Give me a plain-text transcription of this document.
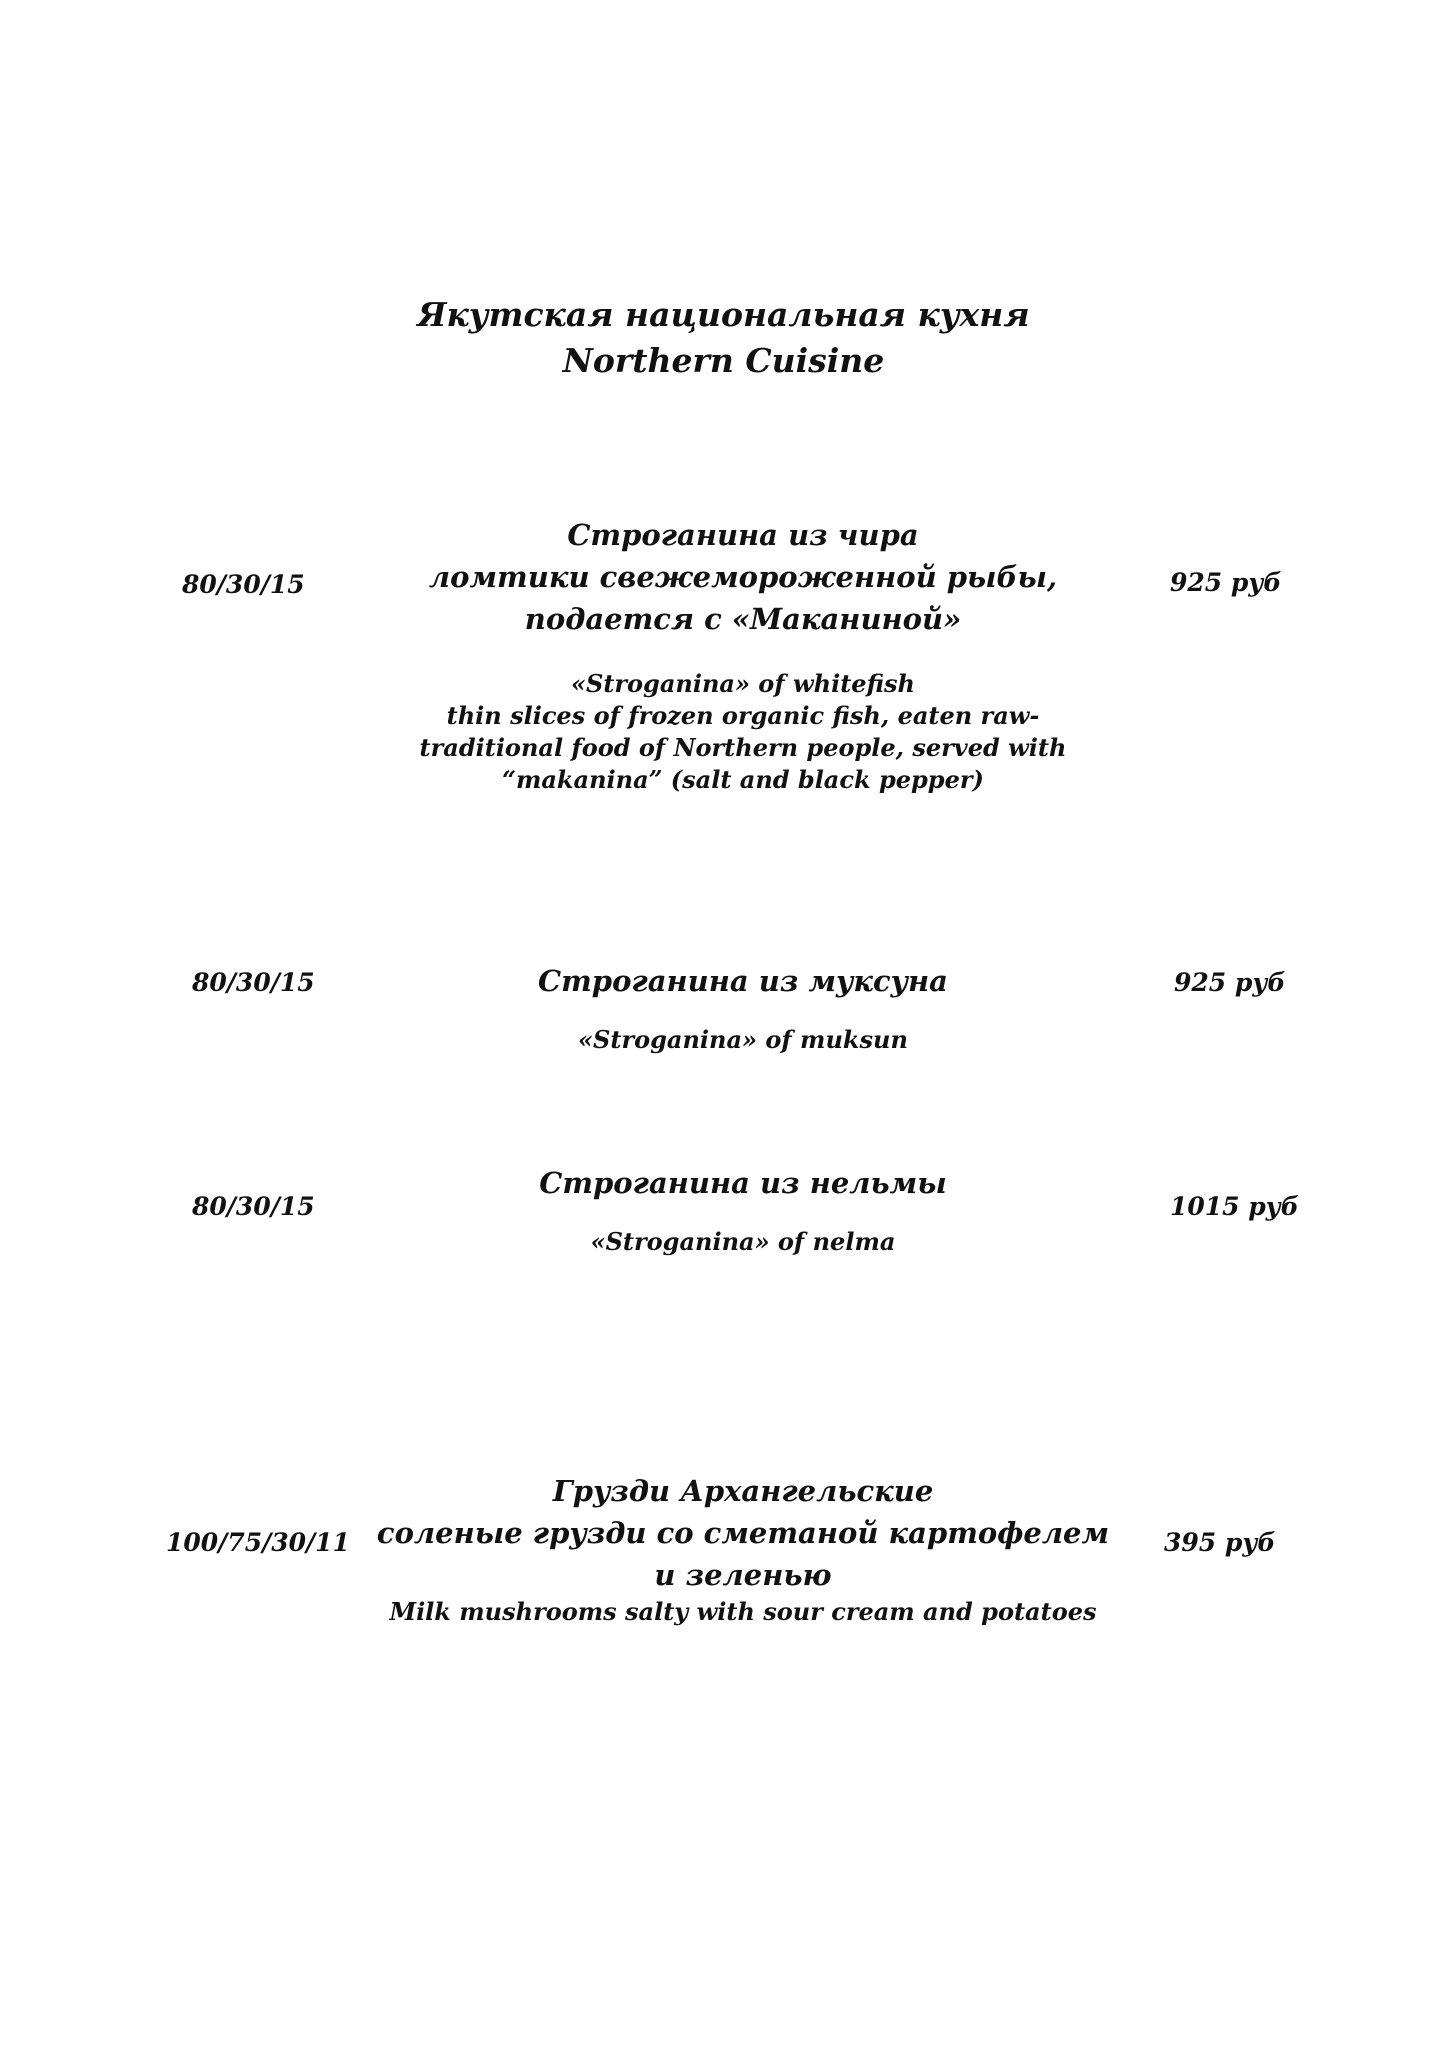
Якутская национальная кухня
Northern Cuisine
80/30/15
Строганина из чира
ломтики свежемороженной рыбы,
подается с «Маканиной»
«Stroganina» of whitefish
thin slices of frozen organic fish, eaten raw-
traditional food of Northern people, served with
“makanina” (salt and black pepper)
925 руб
80/30/15	Строганина из муксуна
«Stroganina» of muksun
925 руб
80/30/15
Строганина из нельмы
«Stroganina» of nelma
1015 руб
100/75/30/11
Грузди Архангельские
соленые грузди со сметаной картофелем
и зеленью
Milk mushrooms salty with sour cream and potatoes
395 руб
